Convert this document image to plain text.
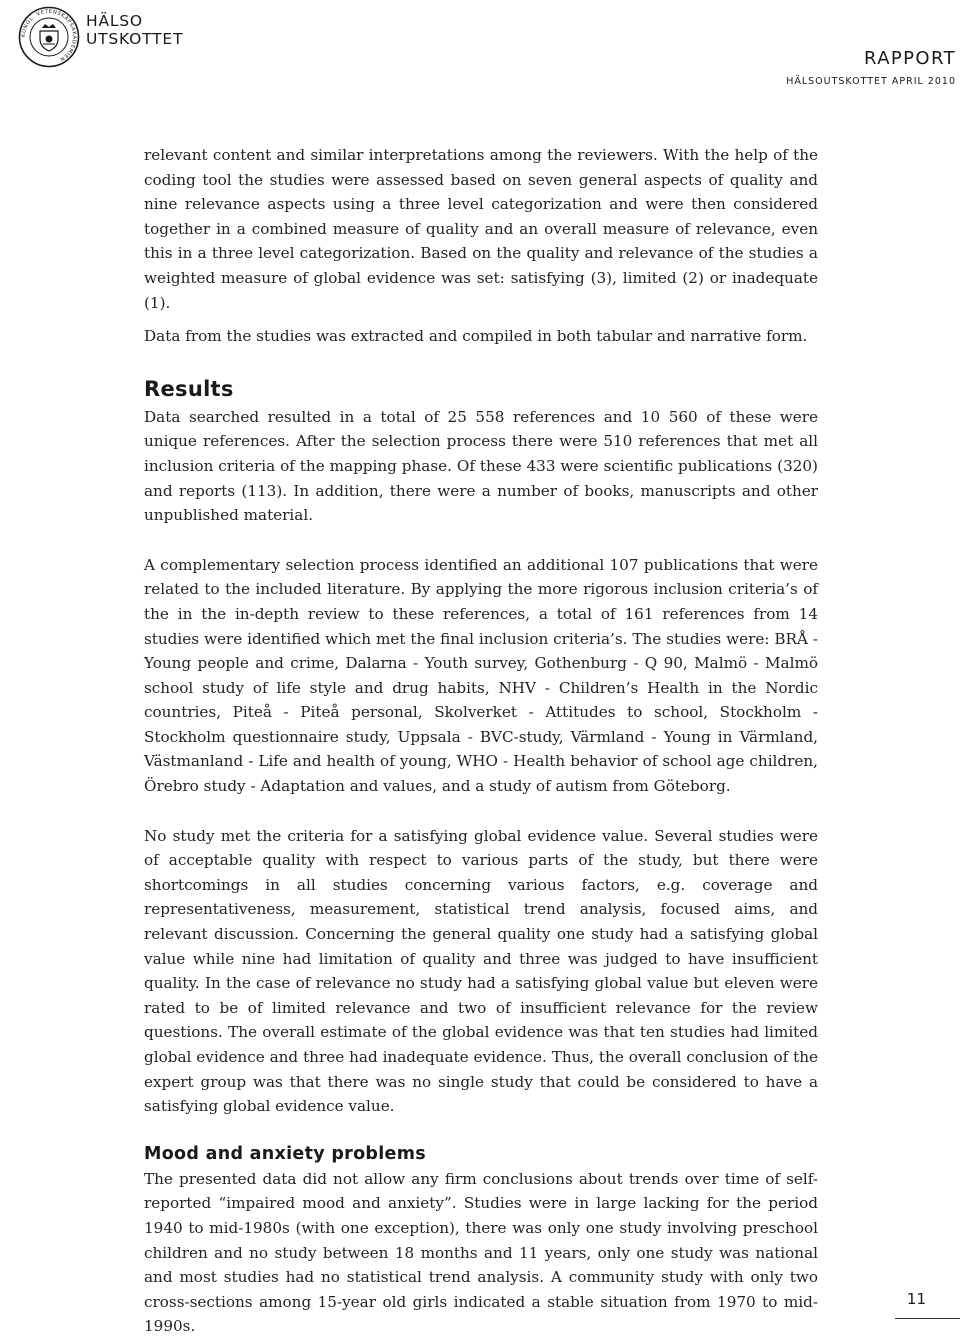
KUNGL. VETENSKAPSAKADEMIEN
HÄLSO
UTSKOTTET
RAPPORT
HÄLSOUTSKOTTET APRIL 2010

relevant content and similar interpretations among the reviewers. With the help of the coding tool the studies were assessed based on seven general aspects of quality and nine relevance aspects using a three level categorization and were then considered together in a combined measure of quality and an overall measure of relevance, even this in a three level categorization. Based on the quality and relevance of the studies a weighted measure of global evidence was set: satisfying (3), limited (2) or inadequate (1).

Data from the studies was extracted and compiled in both tabular and narrative form.

Results

Data searched resulted in a total of 25 558 references and 10 560 of these were unique references. After the selection process there were 510 references that met all inclusion criteria of the mapping phase. Of these 433 were scientific publications (320) and reports (113). In addition, there were a number of books, manuscripts and other unpublished material.

A complementary selection process identified an additional 107 publications that were related to the included literature. By applying the more rigorous inclusion criteria’s of the in the in-depth review to these references, a total of 161 references from 14 studies were identified which met the final inclusion criteria’s. The studies were: BRÅ - Young people and crime, Dalarna - Youth survey, Gothenburg - Q 90, Malmö - Malmö school study of life style and drug habits, NHV - Children’s Health in the Nordic countries, Piteå - Piteå personal, Skolverket - Attitudes to school, Stockholm - Stockholm questionnaire study, Uppsala - BVC-study, Värmland - Young in Värmland, Västmanland - Life and health of young, WHO - Health behavior of school age children, Örebro study - Adaptation and values, and a study of autism from Göteborg.

No study met the criteria for a satisfying global evidence value. Several studies were of acceptable quality with respect to various parts of the study, but there were shortcomings in all studies concerning various factors, e.g. coverage and representativeness, measurement, statistical trend analysis, focused aims, and relevant discussion. Concerning the general quality one study had a satisfying global value while nine had limitation of quality and three was judged to have insufficient quality. In the case of relevance no study had a satisfying global value but eleven were rated to be of limited relevance and two of insufficient relevance for the review questions. The overall estimate of the global evidence was that ten studies had limited global evidence and three had inadequate evidence. Thus, the overall conclusion of the expert group was that there was no single study that could be considered to have a satisfying global evidence value.

Mood and anxiety problems

The presented data did not allow any firm conclusions about trends over time of self-reported “impaired mood and anxiety”. Studies were in large lacking for the period 1940 to mid-1980s (with one exception), there was only one study involving preschool children and no study between 18 months and 11 years, only one study was national and most studies had no statistical trend analysis. A community study with only two cross-sections among 15-year old girls indicated a stable situation from 1970 to mid-1990s.

11
